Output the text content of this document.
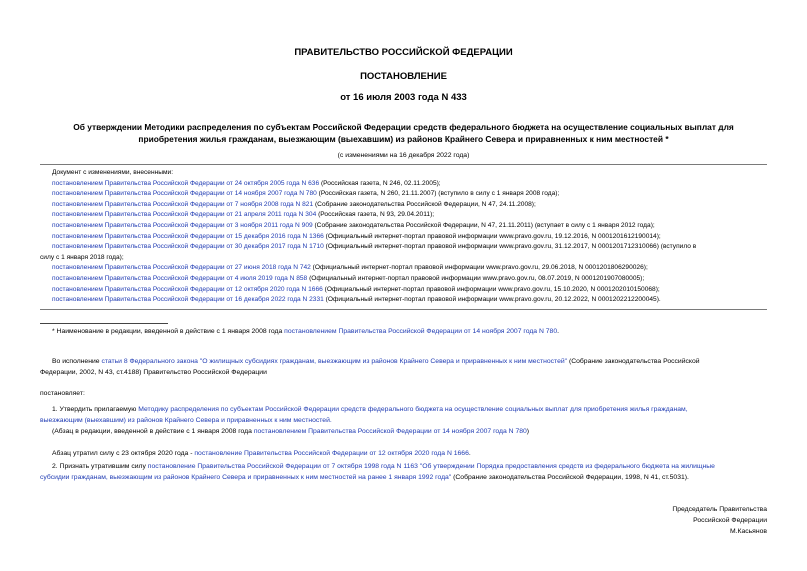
ПРАВИТЕЛЬСТВО РОССИЙСКОЙ ФЕДЕРАЦИИ
ПОСТАНОВЛЕНИЕ
от 16 июля 2003 года N 433
Об утверждении Методики распределения по субъектам Российской Федерации средств федерального бюджета на осуществление социальных выплат для
приобретения жилья гражданам, выезжающим (выехавшим) из районов Крайнего Севера и приравненных к ним местностей *
(с изменениями на 16 декабря 2022 года)
Документ с изменениями, внесенными:
постановлением Правительства Российской Федерации от 24 октября 2005 года N 636 (Российская газета, N 246, 02.11.2005);
постановлением Правительства Российской Федерации от 14 ноября 2007 года N 780 (Российская газета, N 260, 21.11.2007) (вступило в силу с 1 января 2008 года);
постановлением Правительства Российской Федерации от 7 ноября 2008 года N 821 (Собрание законодательства Российской Федерации, N 47, 24.11.2008);
постановлением Правительства Российской Федерации от 21 апреля 2011 года N 304 (Российская газета, N 93, 29.04.2011);
постановлением Правительства Российской Федерации от 3 ноября 2011 года N 909 (Собрание законодательства Российской Федерации, N 47, 21.11.2011) (вступает в силу с 1 января 2012 года);
постановлением Правительства Российской Федерации от 15 декабря 2016 года N 1366 (Официальный интернет-портал правовой информации www.pravo.gov.ru, 19.12.2016, N 0001201612190014);
постановлением Правительства Российской Федерации от 30 декабря 2017 года N 1710 (Официальный интернет-портал правовой информации www.pravo.gov.ru, 31.12.2017, N 0001201712310066) (вступило в
силу с 1 января 2018 года);
постановлением Правительства Российской Федерации от 27 июня 2018 года N 742 (Официальный интернет-портал правовой информации www.pravo.gov.ru, 29.06.2018, N 0001201806290026);
постановлением Правительства Российской Федерации от 4 июля 2019 года N 858 (Официальный интернет-портал правовой информации www.pravo.gov.ru, 08.07.2019, N 0001201907080005);
постановлением Правительства Российской Федерации от 12 октября 2020 года N 1666 (Официальный интернет-портал правовой информации www.pravo.gov.ru, 15.10.2020, N 0001202010150068);
постановлением Правительства Российской Федерации от 16 декабря 2022 года N 2331 (Официальный интернет-портал правовой информации www.pravo.gov.ru, 20.12.2022, N 0001202212200045).
* Наименование в редакции, введенной в действие с 1 января 2008 года постановлением Правительства Российской Федерации от 14 ноября 2007 года N 780.
Во исполнение статьи 8 Федерального закона "О жилищных субсидиях гражданам, выезжающим из районов Крайнего Севера и приравненных к ним местностей" (Собрание законодательства Российской
Федерации, 2002, N 43, ст.4188) Правительство Российской Федерации
постановляет:
1. Утвердить прилагаемую Методику распределения по субъектам Российской Федерации средств федерального бюджета на осуществление социальных выплат для приобретения жилья гражданам,
выезжающим (выехавшим) из районов Крайнего Севера и приравненных к ним местностей.
(Абзац в редакции, введенной в действие с 1 января 2008 года постановлением Правительства Российской Федерации от 14 ноября 2007 года N 780)
Абзац утратил силу с 23 октября 2020 года - постановление Правительства Российской Федерации от 12 октября 2020 года N 1666.
2. Признать утратившим силу постановление Правительства Российской Федерации от 7 октября 1998 года N 1163 "Об утверждении Порядка предоставления средств из федерального бюджета на жилищные
субсидии гражданам, выезжающим из районов Крайнего Севера и приравненных к ним местностей на ранее 1 января 1992 года" (Собрание законодательства Российской Федерации, 1998, N 41, ст.5031).
Председатель Правительства
Российской Федерации
М.Касьянов
